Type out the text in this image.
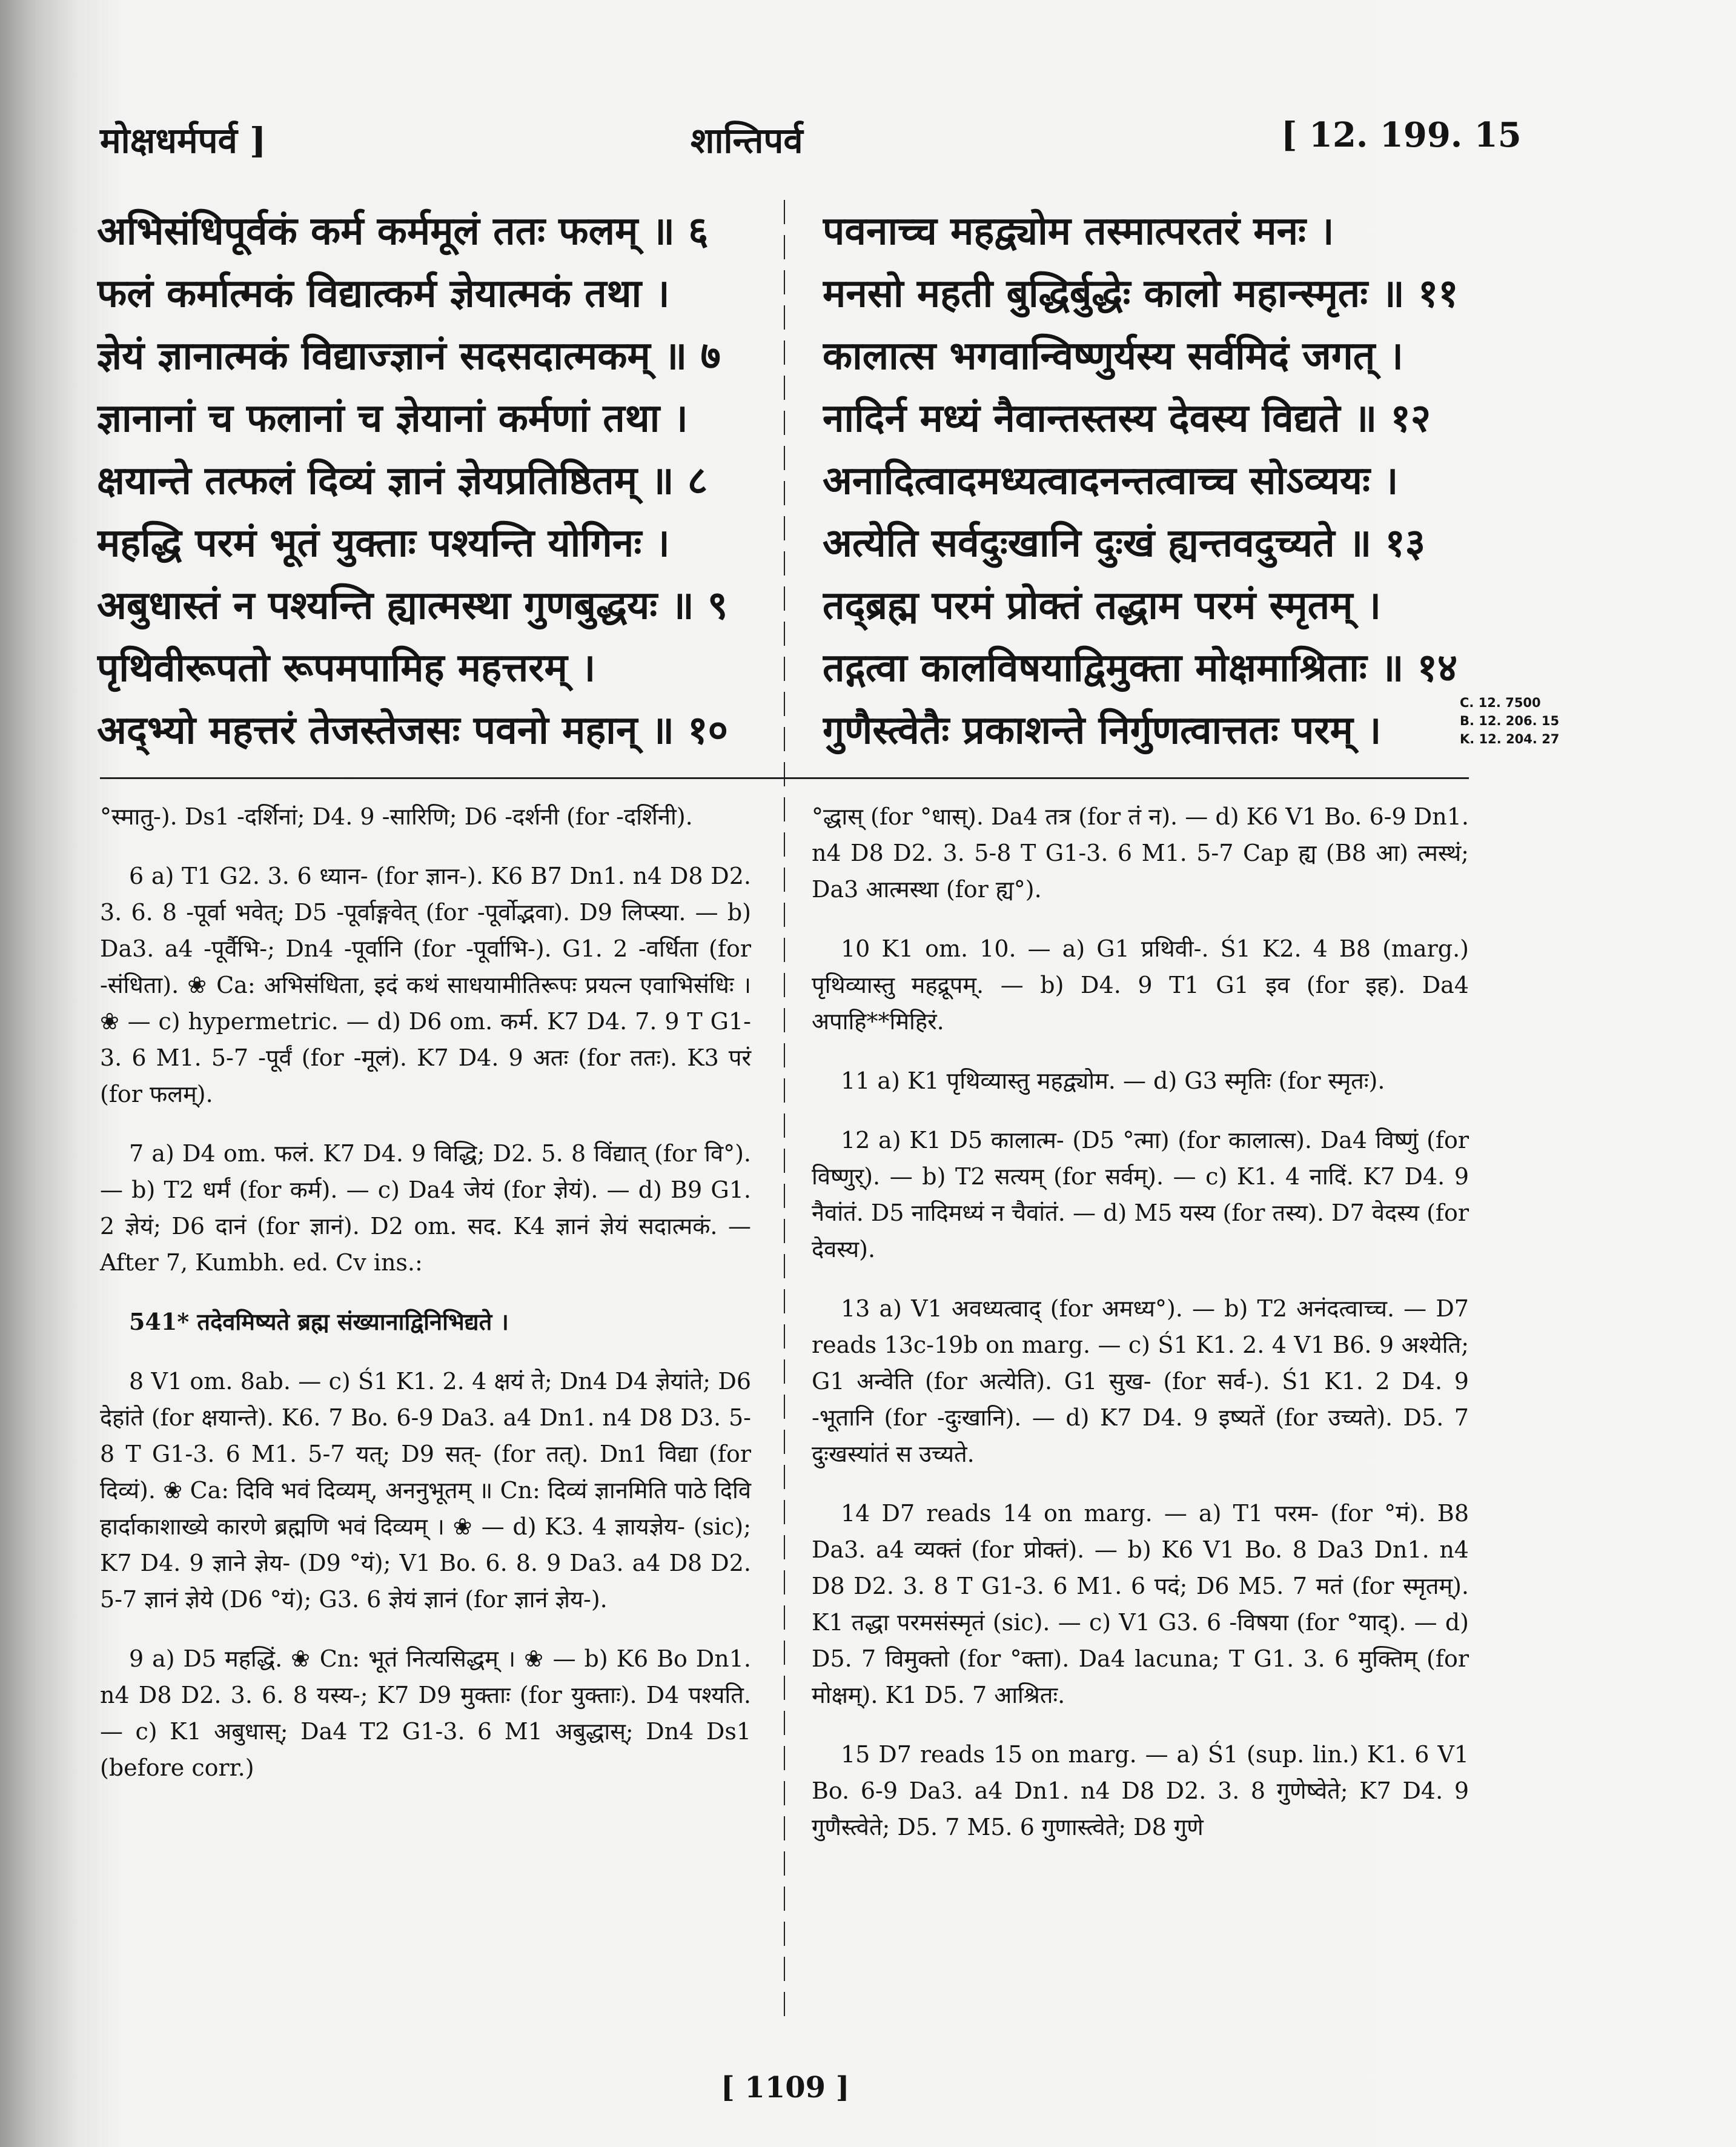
मोक्षधर्मपर्व ]	शान्तिपर्व	[ 12. 199. 15
अभिसंधिपूर्वकं कर्म कर्ममूलं ततः फलम् ॥ ६
फलं कर्मात्मकं विद्यात्कर्म ज्ञेयात्मकं तथा ।
ज्ञेयं ज्ञानात्मकं विद्याज्ज्ञानं सदसदात्मकम् ॥ ७
ज्ञानानां च फलानां च ज्ञेयानां कर्मणां तथा ।
क्षयान्ते तत्फलं दिव्यं ज्ञानं ज्ञेयप्रतिष्ठितम् ॥ ८
महद्धि परमं भूतं युक्ताः पश्यन्ति योगिनः ।
अबुधास्तं न पश्यन्ति ह्यात्मस्था गुणबुद्धयः ॥ ९
पृथिवीरूपतो रूपमपामिह महत्तरम् ।
अद्भ्यो महत्तरं तेजस्तेजसः पवनो महान् ॥ १०
पवनाच्च महद्व्योम तस्मात्परतरं मनः ।
मनसो महती बुद्धिर्बुद्धेः कालो महान्स्मृतः ॥ ११
कालात्स भगवान्विष्णुर्यस्य सर्वमिदं जगत् ।
नादिर्न मध्यं नैवान्तस्तस्य देवस्य विद्यते ॥ १२
अनादित्वादमध्यत्वादनन्तत्वाच्च सोऽव्ययः ।
अत्येति सर्वदुःखानि दुःखं ह्यन्तवदुच्यते ॥ १३
तद्ब्रह्म परमं प्रोक्तं तद्धाम परमं स्मृतम् ।
तद्गत्वा कालविषयाद्विमुक्ता मोक्षमाश्रिताः ॥ १४
गुणैस्त्वेतैः प्रकाशन्ते निर्गुणत्वात्ततः परम् ।
C. 12. 7500
B. 12. 206. 15
K. 12. 204. 27

°स्मातु-). Ds1 -दर्शिनां; D4. 9 -सारिणि; D6 -दर्शनी (for -दर्शिनी).

6 a) T1 G2. 3. 6 ध्यान- (for ज्ञान-). K6 B7 Dn1. n4 D8 D2. 3. 6. 8 -पूर्वा भवेत्; D5 -पूर्वाङ्गवेत् (for -पूर्वोद्भवा). D9 लिप्स्या. — b) Da3. a4 -पूर्वैभि-; Dn4 -पूर्वानि (for -पूर्वाभि-). G1. 2 -वर्धिता (for -संधिता). ❀ Ca: अभिसंधिता, इदं कथं साधयामीतिरूपः प्रयत्न एवाभिसंधिः । ❀ — c) hypermetric. — d) D6 om. कर्म. K7 D4. 7. 9 T G1-3. 6 M1. 5-7 -पूर्वं (for -मूलं). K7 D4. 9 अतः (for ततः). K3 परं (for फलम्).

7 a) D4 om. फलं. K7 D4. 9 विद्धि; D2. 5. 8 विंद्यात् (for वि°). — b) T2 धर्मं (for कर्म). — c) Da4 जेयं (for ज्ञेयं). — d) B9 G1. 2 ज्ञेयं; D6 दानं (for ज्ञानं). D2 om. सद. K4 ज्ञानं ज्ञेयं सदात्मकं. — After 7, Kumbh. ed. Cv ins.:

541* तदेवमिष्यते ब्रह्म संख्यानाद्विनिभिद्यते ।

8 V1 om. 8ab. — c) Ś1 K1. 2. 4 क्षयं ते; Dn4 D4 ज्ञेयांते; D6 देहांते (for क्षयान्ते). K6. 7 Bo. 6-9 Da3. a4 Dn1. n4 D8 D3. 5-8 T G1-3. 6 M1. 5-7 यत्; D9 सत्- (for तत्). Dn1 विद्या (for दिव्यं). ❀ Ca: दिवि भवं दिव्यम्, अननुभूतम् ॥ Cn: दिव्यं ज्ञानमिति पाठे दिवि हार्दाकाशाख्ये कारणे ब्रह्मणि भवं दिव्यम् । ❀ — d) K3. 4 ज्ञायज्ञेय- (sic); K7 D4. 9 ज्ञाने ज्ञेय- (D9 °यं); V1 Bo. 6. 8. 9 Da3. a4 D8 D2. 5-7 ज्ञानं ज्ञेये (D6 °यं); G3. 6 ज्ञेयं ज्ञानं (for ज्ञानं ज्ञेय-).

9 a) D5 महद्धिं. ❀ Cn: भूतं नित्यसिद्धम् । ❀ — b) K6 Bo Dn1. n4 D8 D2. 3. 6. 8 यस्य-; K7 D9 मुक्ताः (for युक्ताः). D4 पश्यति. — c) K1 अबुधास्; Da4 T2 G1-3. 6 M1 अबुद्धास्; Dn4 Ds1 (before corr.)

°द्धास् (for °धास्). Da4 तत्र (for तं न). — d) K6 V1 Bo. 6-9 Dn1. n4 D8 D2. 3. 5-8 T G1-3. 6 M1. 5-7 Cap ह्य (B8 आ) त्मस्थं; Da3 आत्मस्था (for ह्य°).

10 K1 om. 10. — a) G1 प्रथिवी-. Ś1 K2. 4 B8 (marg.) पृथिव्यास्तु महद्रूपम्. — b) D4. 9 T1 G1 इव (for इह). Da4 अपाहि**मिहिरं.

11 a) K1 पृथिव्यास्तु महद्व्योम. — d) G3 स्मृतिः (for स्मृतः).

12 a) K1 D5 कालात्म- (D5 °त्मा) (for कालात्स). Da4 विष्णुं (for विष्णुर्). — b) T2 सत्यम् (for सर्वम्). — c) K1. 4 नादिं. K7 D4. 9 नैवांतं. D5 नादिमध्यं न चैवांतं. — d) M5 यस्य (for तस्य). D7 वेदस्य (for देवस्य).

13 a) V1 अवध्यत्वाद् (for अमध्य°). — b) T2 अनंदत्वाच्च. — D7 reads 13c-19b on marg. — c) Ś1 K1. 2. 4 V1 B6. 9 अश्येति; G1 अन्वेति (for अत्येति). G1 सुख- (for सर्व-). Ś1 K1. 2 D4. 9 -भूतानि (for -दुःखानि). — d) K7 D4. 9 इष्यतें (for उच्यते). D5. 7 दुःखस्यांतं स उच्यते.

14 D7 reads 14 on marg. — a) T1 परम- (for °मं). B8 Da3. a4 व्यक्तं (for प्रोक्तं). — b) K6 V1 Bo. 8 Da3 Dn1. n4 D8 D2. 3. 8 T G1-3. 6 M1. 6 पदं; D6 M5. 7 मतं (for स्मृतम्). K1 तद्धा परमसंस्मृतं (sic). — c) V1 G3. 6 -विषया (for °याद्). — d) D5. 7 विमुक्तो (for °क्ता). Da4 lacuna; T G1. 3. 6 मुक्तिम् (for मोक्षम्). K1 D5. 7 आश्रितः.

15 D7 reads 15 on marg. — a) Ś1 (sup. lin.) K1. 6 V1 Bo. 6-9 Da3. a4 Dn1. n4 D8 D2. 3. 8 गुणेष्वेते; K7 D4. 9 गुणैस्त्वेते; D5. 7 M5. 6 गुणास्त्वेते; D8 गुणे

[ 1109 ]
